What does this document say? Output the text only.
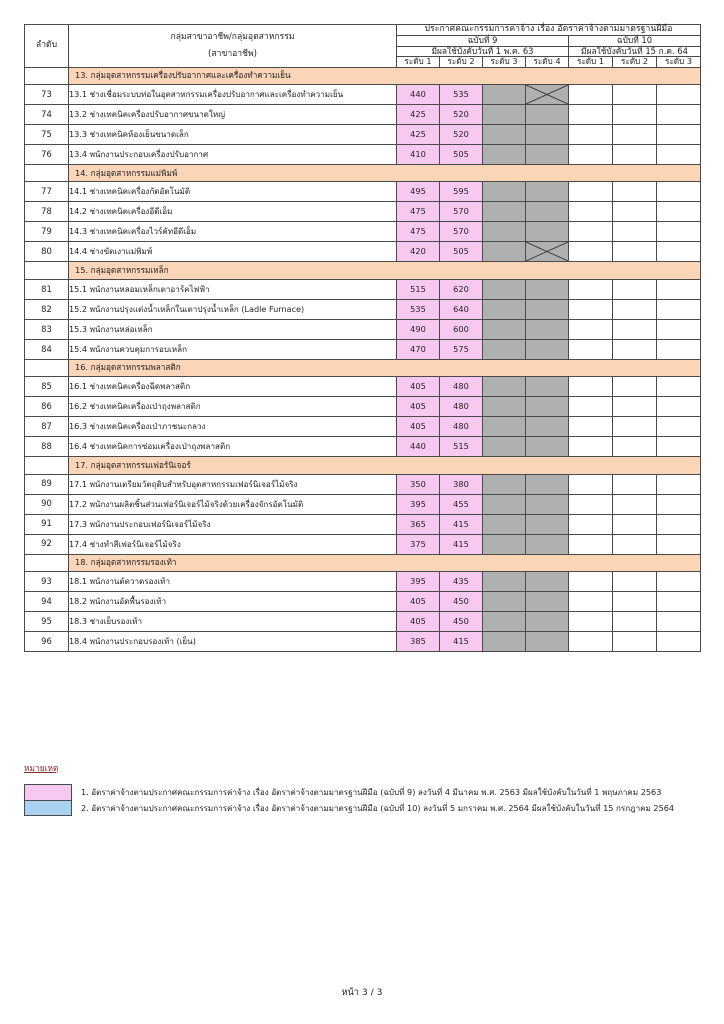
ลำดับ	กลุ่มสาขาอาชีพ/กลุ่มอุตสาหกรรม
(สาขาอาชีพ)	ประกาศคณะกรรมการค่าจ้าง เรื่อง อัตราค่าจ้างตามมาตรฐานฝีมือ						
		ฉบับที่ 9				ฉบับที่ 10		
		มีผลใช้บังคับวันที่ 1 พ.ค. 63				มีผลใช้บังคับวันที่ 15 ก.ค. 64		
		ระดับ 1	ระดับ 2	ระดับ 3	ระดับ 4	ระดับ 1	ระดับ 2	ระดับ 3
	13. กลุ่มอุตสาหกรรมเครื่องปรับอากาศและเครื่องทำความเย็น							
73	13.1 ช่างเชื่อมระบบท่อในอุตสาหกรรมเครื่องปรับอากาศและเครื่องทำความเย็น	440	535		

74	13.2 ช่างเทคนิคเครื่องปรับอากาศขนาดใหญ่	425	520					
75	13.3 ช่างเทคนิคห้องเย็นขนาดเล็ก	425	520					
76	13.4 พนักงานประกอบเครื่องปรับอากาศ	410	505					
	14. กลุ่มอุตสาหกรรมแม่พิมพ์							
77	14.1 ช่างเทคนิคเครื่องกัดอัตโนมัติ	495	595					
78	14.2 ช่างเทคนิคเครื่องอีดีเอ็ม	475	570					
79	14.3 ช่างเทคนิคเครื่องไวร์คัทอีดีเอ็ม	475	570					
80	14.4 ช่างขัดเงาแม่พิมพ์	420	505		

	15. กลุ่มอุตสาหกรรมเหล็ก							
81	15.1 พนักงานหลอมเหล็กเตาอาร์คไฟฟ้า	515	620					
82	15.2 พนักงานปรุงแต่งน้ำเหล็กในเตาปรุงน้ำเหล็ก (Ladle Furnace)	535	640					
83	15.3 พนักงานหล่อเหล็ก	490	600					
84	15.4 พนักงานควบคุมการอบเหล็ก	470	575					
	16. กลุ่มอุตสาหกรรมพลาสติก							
85	16.1 ช่างเทคนิคเครื่องฉีดพลาสติก	405	480					
86	16.2 ช่างเทคนิคเครื่องเป่าถุงพลาสติก	405	480					
87	16.3 ช่างเทคนิคเครื่องเป่าภาชนะกลวง	405	480					
88	16.4 ช่างเทคนิคการซ่อมเครื่องเป่าถุงพลาสติก	440	515					
	17. กลุ่มอุตสาหกรรมเฟอร์นิเจอร์							
89	17.1 พนักงานเตรียมวัตถุดิบสำหรับอุตสาหกรรมเฟอร์นิเจอร์ไม้จริง	350	380					
90	17.2 พนักงานผลิตชิ้นส่วนเฟอร์นิเจอร์ไม้จริงด้วยเครื่องจักรอัตโนมัติ	395	455					
91	17.3 พนักงานประกอบเฟอร์นิเจอร์ไม้จริง	365	415					
92	17.4 ช่างทำสีเฟอร์นิเจอร์ไม้จริง	375	415					
	18. กลุ่มอุตสาหกรรมรองเท้า							
93	18.1 พนักงานตัดวาดรองเท้า	395	435					
94	18.2 พนักงานอัดพื้นรองเท้า	405	450					
95	18.3 ช่างเย็บรองเท้า	405	450					
96	18.4 พนักงานประกอบรองเท้า (เย็น)	385	415					
หมายเหตุ
1. อัตราค่าจ้างตามประกาศคณะกรรมการค่าจ้าง เรื่อง อัตราค่าจ้างตามมาตรฐานฝีมือ (ฉบับที่ 9) ลงวันที่ 4 มีนาคม พ.ศ. 2563 มีผลใช้บังคับในวันที่ 1 พฤษภาคม 2563
2. อัตราค่าจ้างตามประกาศคณะกรรมการค่าจ้าง เรื่อง อัตราค่าจ้างตามมาตรฐานฝีมือ (ฉบับที่ 10) ลงวันที่ 5 มกราคม พ.ศ. 2564 มีผลใช้บังคับในวันที่ 15 กรกฎาคม 2564
หน้า 3 / 3
